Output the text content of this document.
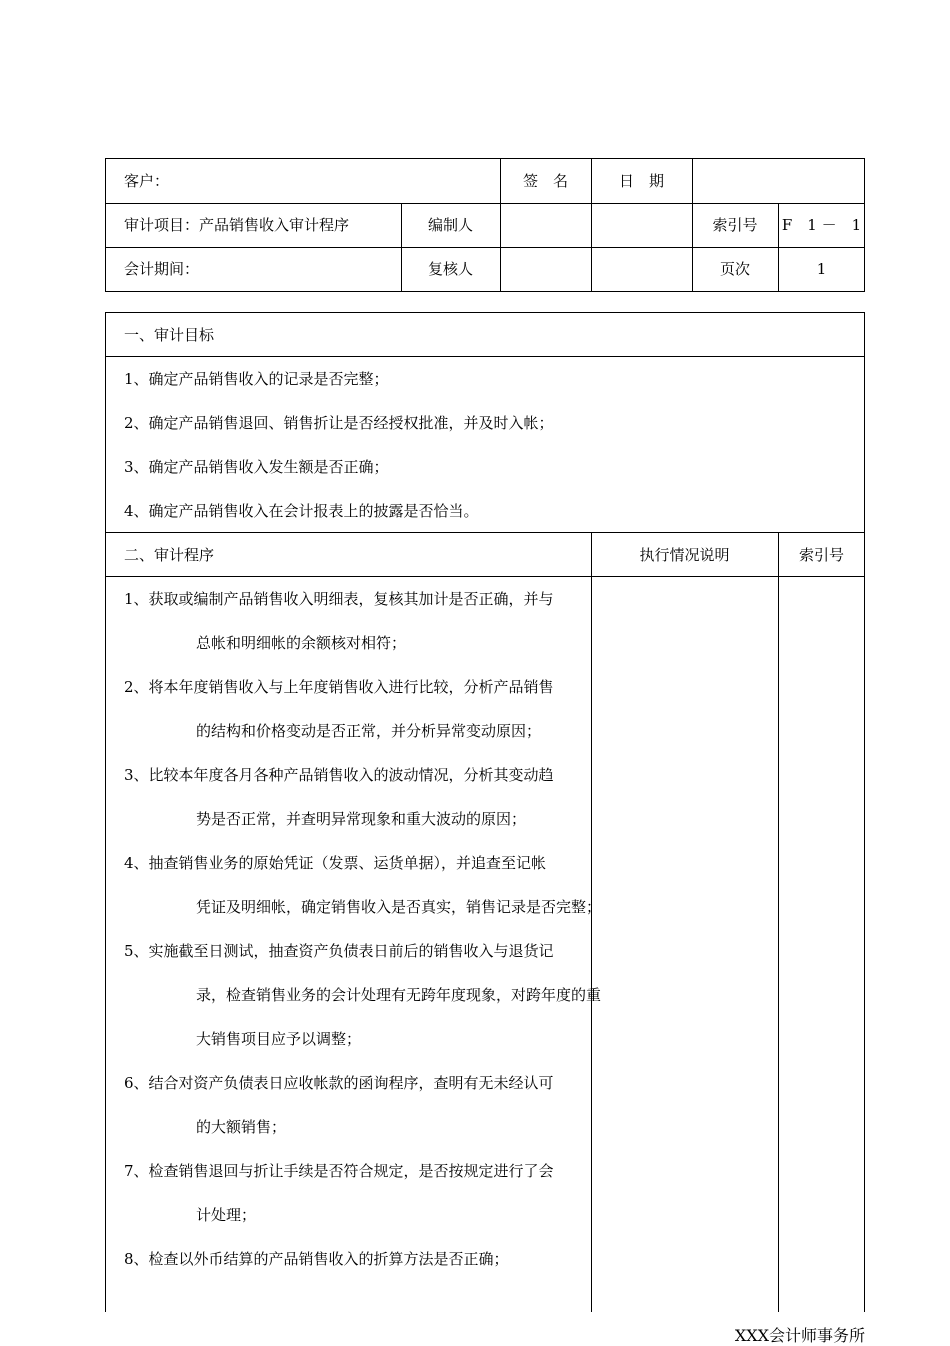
客户：	签　名	日　期
审计项目：产品销售收入审计程序	编制人	索引号	F　1 －　1
会计期间：	复核人	页次	1
一、审计目标
1、确定产品销售收入的记录是否完整；
2、确定产品销售退回、销售折让是否经授权批准，并及时入帐；
3、确定产品销售收入发生额是否正确；
4、确定产品销售收入在会计报表上的披露是否恰当。
二、审计程序	执行情况说明	索引号
1、获取或编制产品销售收入明细表，复核其加计是否正确，并与
总帐和明细帐的余额核对相符；
2、将本年度销售收入与上年度销售收入进行比较，分析产品销售
的结构和价格变动是否正常，并分析异常变动原因；
3、比较本年度各月各种产品销售收入的波动情况，分析其变动趋
势是否正常，并查明异常现象和重大波动的原因；
4、抽查销售业务的原始凭证（发票、运货单据），并追查至记帐
凭证及明细帐，确定销售收入是否真实，销售记录是否完整；
5、实施截至日测试，抽查资产负债表日前后的销售收入与退货记
录，检查销售业务的会计处理有无跨年度现象，对跨年度的重
大销售项目应予以调整；
6、结合对资产负债表日应收帐款的函询程序，查明有无未经认可
的大额销售；
7、检查销售退回与折让手续是否符合规定，是否按规定进行了会
计处理；
8、检查以外币结算的产品销售收入的折算方法是否正确；
XXX会计师事务所
